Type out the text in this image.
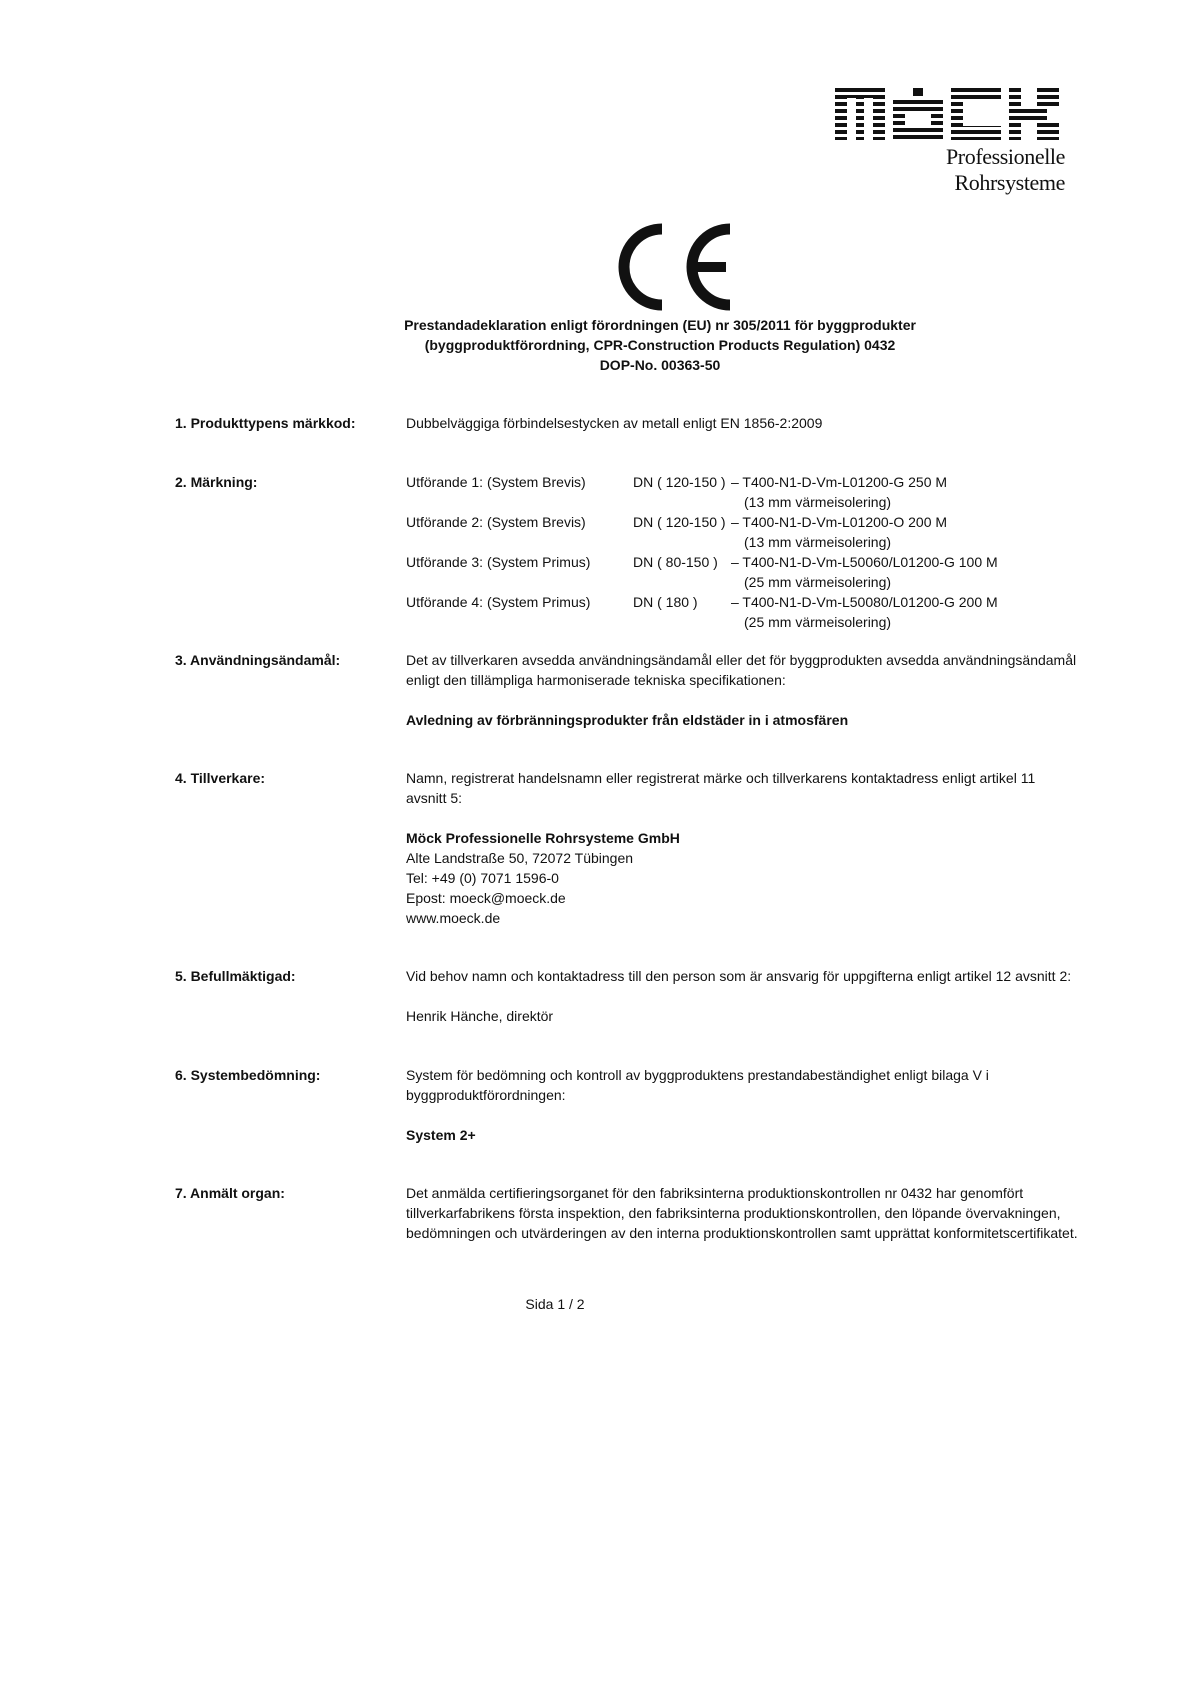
Professionelle Rohrsysteme
Prestandadeklaration enligt förordningen (EU) nr 305/2011 för byggprodukter
(byggproduktförordning, CPR-Construction Products Regulation) 0432
DOP-No. 00363-50
1. Produkttypens märkkod:	Dubbelväggiga förbindelsestycken av metall enligt EN 1856-2:2009
2. Märkning:	Utförande 1: (System Brevis)	DN ( 120-150 ) – T400-N1-D-Vm-L01200-G 250 M
(13 mm värmeisolering)
Utförande 2: (System Brevis)	DN ( 120-150 ) – T400-N1-D-Vm-L01200-O 200 M
(13 mm värmeisolering)
Utförande 3: (System Primus)	DN ( 80-150 ) – T400-N1-D-Vm-L50060/L01200-G 100 M
(25 mm värmeisolering)
Utförande 4: (System Primus)	DN ( 180 )	– T400-N1-D-Vm-L50080/L01200-G 200 M
(25 mm värmeisolering)
3. Användningsändamål:	Det av tillverkaren avsedda användningsändamål eller det för byggprodukten avsedda användningsändamål
enligt den tillämpliga harmoniserade tekniska specifikationen:
Avledning av förbränningsprodukter från eldstäder in i atmosfären
4. Tillverkare:	Namn, registrerat handelsnamn eller registrerat märke och tillverkarens kontaktadress enligt artikel 11
avsnitt 5:
Möck Professionelle Rohrsysteme GmbH
Alte Landstraße 50, 72072 Tübingen
Tel: +49 (0) 7071 1596-0
Epost: moeck@moeck.de
www.moeck.de
5. Befullmäktigad:	Vid behov namn och kontaktadress till den person som är ansvarig för uppgifterna enligt artikel 12 avsnitt 2:
Henrik Hänche, direktör
6. Systembedömning:	System för bedömning och kontroll av byggproduktens prestandabeständighet enligt bilaga V i
byggproduktförordningen:
System 2+
7. Anmält organ:	Det anmälda certifieringsorganet för den fabriksinterna produktionskontrollen nr 0432 har genomfört
tillverkarfabrikens första inspektion, den fabriksinterna produktionskontrollen, den löpande övervakningen,
bedömningen och utvärderingen av den interna produktionskontrollen samt upprättat konformitetscertifikatet.
Sida 1 / 2
